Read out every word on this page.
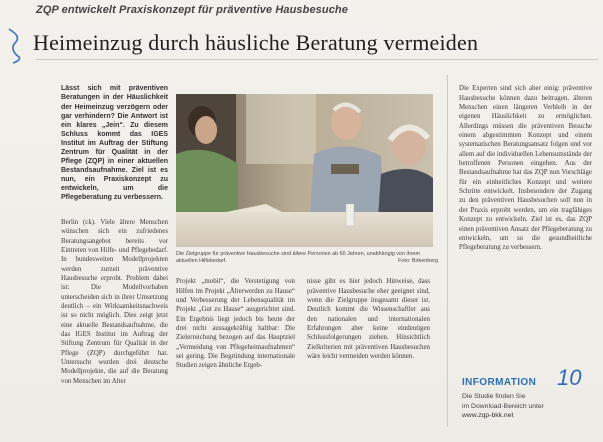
ZQP entwickelt Praxiskonzept für präventive Hausbesuche
Heimeinzug durch häusliche Beratung vermeiden

Lässt sich mit präventiven Beratungen in der Häuslichkeit der Heimeinzug verzögern oder gar verhindern? Die Antwort ist ein klares „Jein“. Zu diesem Schluss kommt das IGES Institut im Auftrag der Stiftung Zentrum für Qualität in der Pflege (ZQP) in einer aktuellen Bestandsaufnahme. Ziel ist es nun, ein Praxiskonzept zu entwickeln, um die Pflegeberatung zu verbessern.

Berlin (ck). Viele ältere Menschen wünschen sich ein zufriedenes Beratungsangebot bereits vor Eintreten von Hilfe- und Pflegebedarf. In bundesweiten Modellprojekten werden zurzeit präventive Hausbesuche erprobt. Problem dabei ist: Die Modellvorhaben unterscheiden sich in ihrer Umsetzung deutlich – ein Wirksamkeitsnachweis ist so nicht möglich. Dies zeigt jetzt eine aktuelle Bestandsaufnahme, die das IGES Institut im Auftrag der Stiftung Zentrum für Qualität in der Pflege (ZQP) durchgeführt hat. Untersucht wurden drei deutsche Modellprojekte, die auf die Beratung von Menschen im Alter

Die Zielgruppe für präventive Hausbesuche sind ältere Personen ab 60 Jahren, unabhängig von ihrem aktuellen Hilfebedarf.	Foto: Birkenberg

Projekt „mobil“, die Verstetigung von Hilfen im Projekt „Älterwerden zu Hause“ und Verbesserung der Lebensqualität im Projekt „Gut zu Hause“ ausgerichtet sind. Ein Ergebnis liegt jedoch bis heute der drei nicht aussagekräftig haltbar: Die Zielerreichung bezogen auf das Hauptziel „Vermeidung von Pflegeheimaufnahmen“ sei gering. Die Begründung internationale Studien zeigen ähnliche Ergeb-

nisse gibt es hier jedoch Hinweise, dass präventive Hausbesuche eher geeignet sind, wenn die Zielgruppe insgesamt dieser ist. Deutlich kommt die Wissenschaftler aus den nationalen und internationalen Erfahrungen aber keine eindeutigen Schlussfolgerungen ziehen. Hinsichtlich Zielkriterien mit präventiven Hausbesuchen wäre leicht vermeiden werden können.

Die Experten sind sich aber einig: präventive Hausbesuche können dazu beitragen, älteren Menschen einen längeren Verbleib in der eigenen Häuslichkeit zu ermöglichen. Allerdings müssen die präventiven Besuche einem abgestimmten Konzept und einem systematischen Beratungsansatz folgen und vor allem auf die individuellen Lebensumstände der betroffenen Personen eingehen. Aus der Bestandsaufnahme hat das ZQP nun Vorschläge für ein einheitliches Konzept und weitere Schritte entwickelt. Insbesondere der Zugang zu den präventiven Hausbesuchen soll nun in der Praxis erprobt werden, um ein tragfähiges Konzept zu entwickeln. Ziel ist es, das ZQP einen präventiven Ansatz der Pflegeberatung zu entwickeln, um so die gesundheitliche Pflegeberatung zu verbessern.

10
INFORMATION
Die Studie finden Sie
im Download-Bereich unter
www.zqp-bkk.net
